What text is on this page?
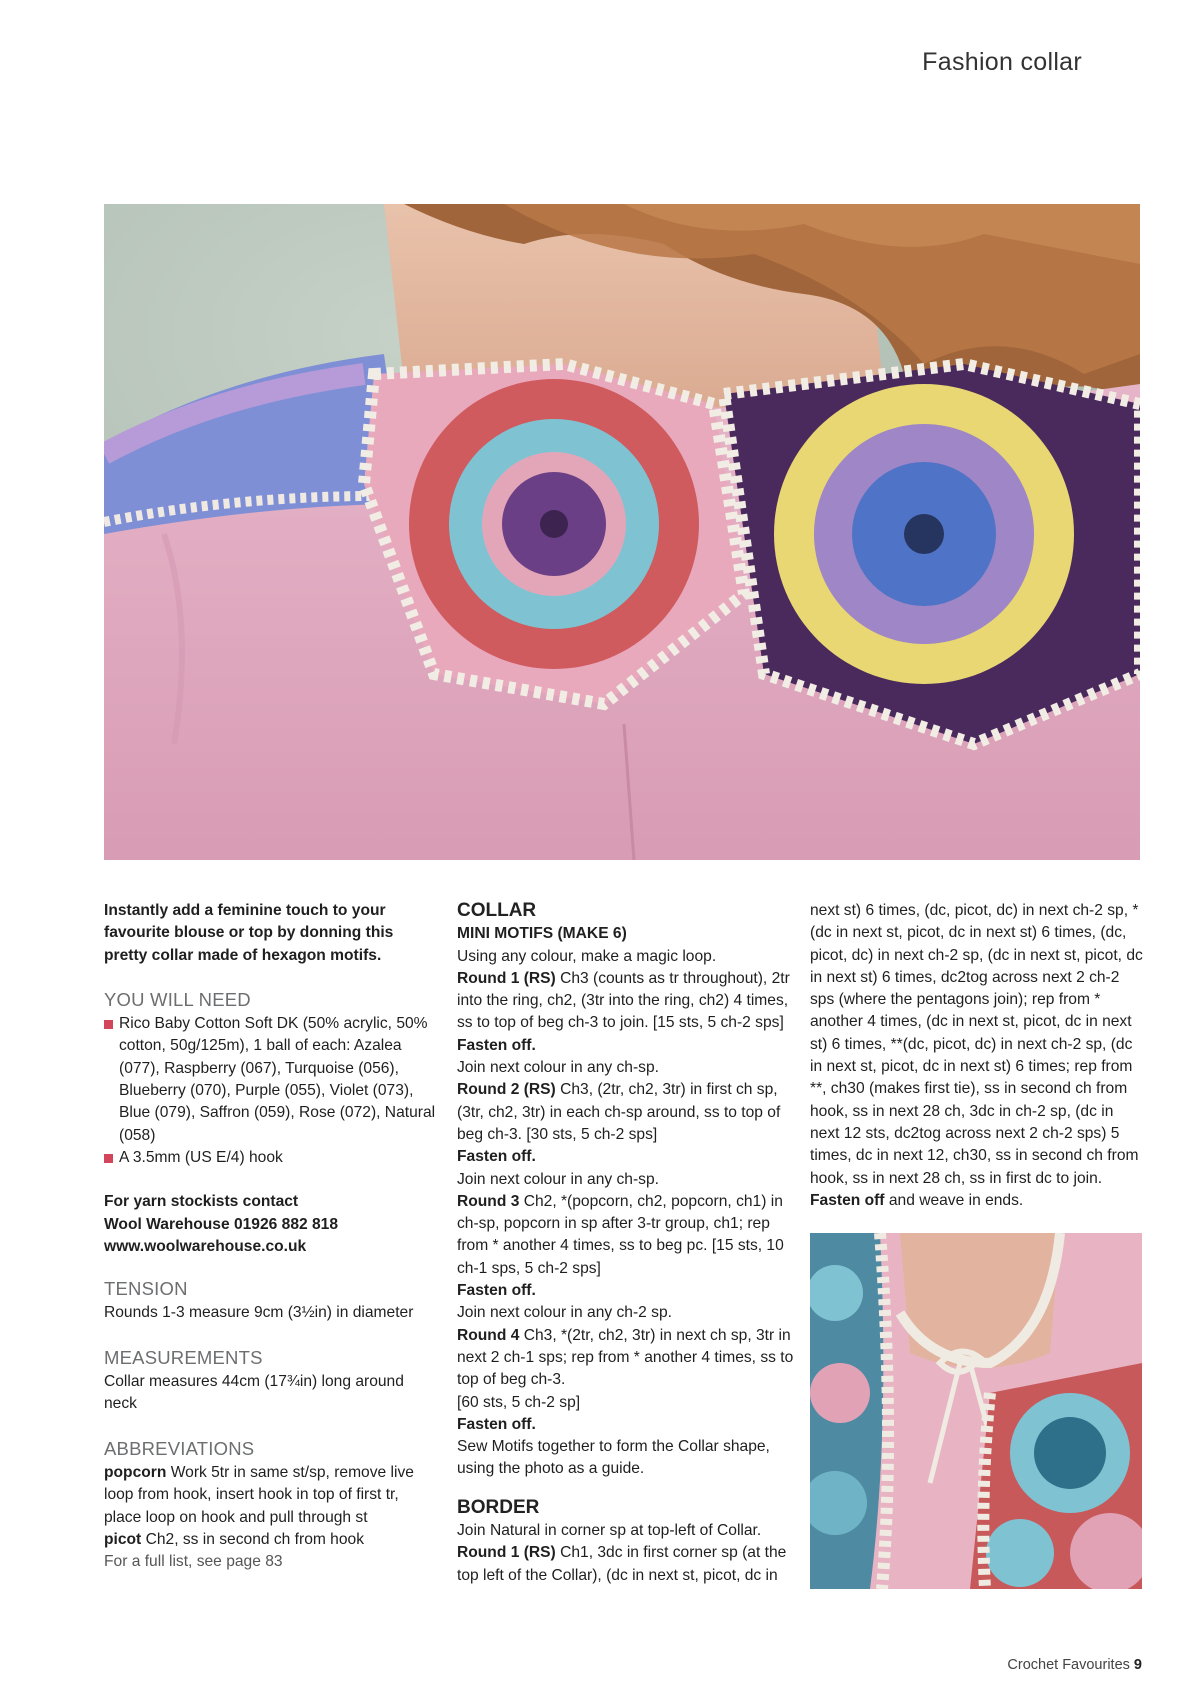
Fashion collar

Instantly add a feminine touch to your favourite blouse or top by donning this pretty collar made of hexagon motifs.

YOU WILL NEED
Rico Baby Cotton Soft DK (50% acrylic, 50% cotton, 50g/125m), 1 ball of each: Azalea (077), Raspberry (067), Turquoise (056), Blueberry (070), Purple (055), Violet (073), Blue (079), Saffron (059), Rose (072), Natural (058)
A 3.5mm (US E/4) hook
For yarn stockists contact
Wool Warehouse 01926 882 818
www.woolwarehouse.co.uk
TENSION

Rounds 1-3 measure 9cm (3½in) in diameter

MEASUREMENTS

Collar measures 44cm (17¾in) long around neck

ABBREVIATIONS

popcorn Work 5tr in same st/sp, remove live loop from hook, insert hook in top of first tr, place loop on hook and pull through st

picot Ch2, ss in second ch from hook

For a full list, see page 83

COLLAR

MINI MOTIFS (MAKE 6)

Using any colour, make a magic loop.

Round 1 (RS) Ch3 (counts as tr throughout), 2tr into the ring, ch2, (3tr into the ring, ch2) 4 times, ss to top of beg ch-3 to join. [15 sts, 5 ch-2 sps]

Fasten off.

Join next colour in any ch-sp.

Round 2 (RS) Ch3, (2tr, ch2, 3tr) in first ch sp, (3tr, ch2, 3tr) in each ch-sp around, ss to top of beg ch-3. [30 sts, 5 ch-2 sps]

Fasten off.

Join next colour in any ch-sp.

Round 3 Ch2, *(popcorn, ch2, popcorn, ch1) in ch-sp, popcorn in sp after 3-tr group, ch1; rep from * another 4 times, ss to beg pc. [15 sts, 10 ch-1 sps, 5 ch-2 sps]

Fasten off.

Join next colour in any ch-2 sp.

Round 4 Ch3, *(2tr, ch2, 3tr) in next ch sp, 3tr in next 2 ch-1 sps; rep from * another 4 times, ss to top of beg ch-3.

[60 sts, 5 ch-2 sp]

Fasten off.

Sew Motifs together to form the Collar shape, using the photo as a guide.

BORDER

Join Natural in corner sp at top-left of Collar.

Round 1 (RS) Ch1, 3dc in first corner sp (at the top left of the Collar), (dc in next st, picot, dc in

next st) 6 times, (dc, picot, dc) in next ch-2 sp, *(dc in next st, picot, dc in next st) 6 times, (dc, picot, dc) in next ch-2 sp, (dc in next st, picot, dc in next st) 6 times, dc2tog across next 2 ch-2 sps (where the pentagons join); rep from * another 4 times, (dc in next st, picot, dc in next st) 6 times, **(dc, picot, dc) in next ch-2 sp, (dc in next st, picot, dc in next st) 6 times; rep from **, ch30 (makes first tie), ss in second ch from hook, ss in next 28 ch, 3dc in ch-2 sp, (dc in next 12 sts, dc2tog across next 2 ch-2 sps) 5 times, dc in next 12, ch30, ss in second ch from hook, ss in next 28 ch, ss in first dc to join.

Fasten off and weave in ends.

Crochet Favourites 9
